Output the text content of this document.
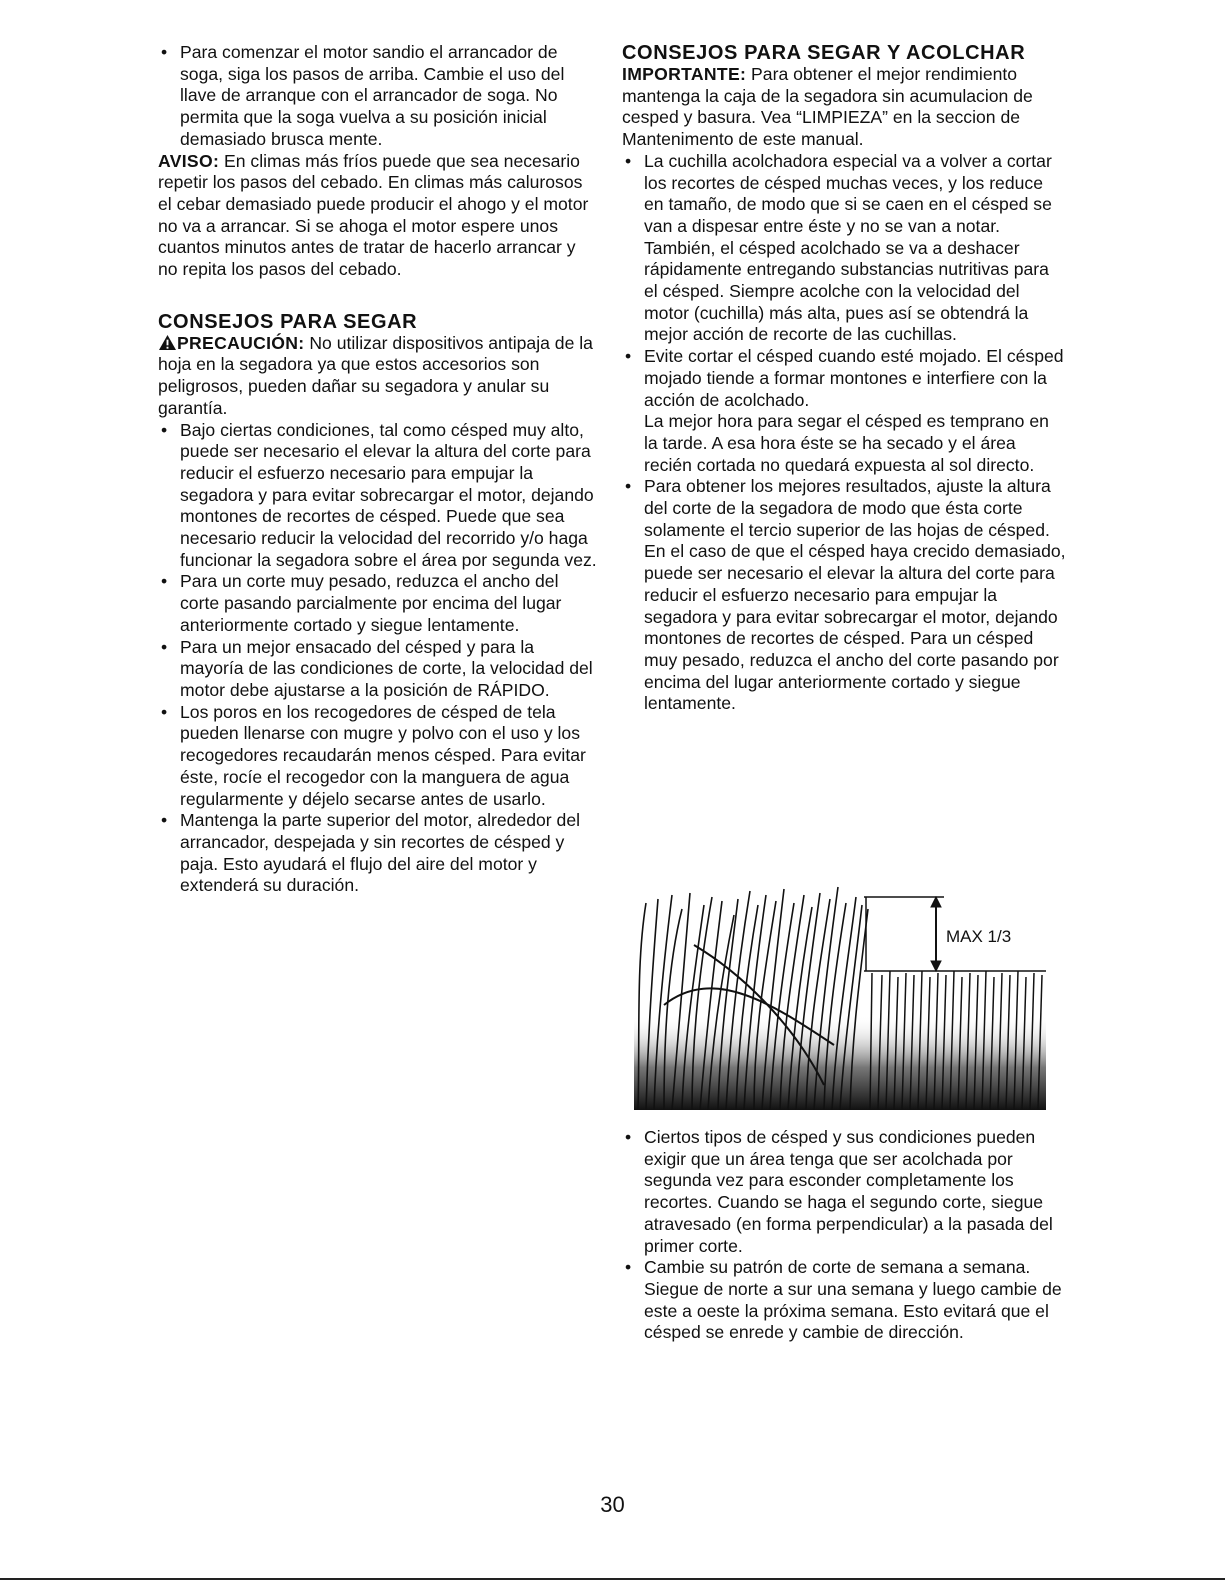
• Para comenzar el motor sandio el arrancador de soga, siga los pasos de arriba. Cambie el uso del llave de arranque con el arrancador de soga. No permita que la soga vuelva a su posición inicial demasiado brusca mente.

AVISO: En climas más fríos puede que sea necesario repetir los pasos del cebado. En climas más calurosos el cebar demasiado puede producir el ahogo y el motor no va a arrancar. Si se ahoga el motor espere unos cuantos minutos antes de tratar de hacerlo arrancar y no repita los pasos del cebado.

CONSEJOS PARA SEGAR

PRECAUCIÓN: No utilizar dispositivos antipaja de la hoja en la segadora ya que estos accesorios son peligrosos, pueden dañar su segadora y anular su garantía.

• Bajo ciertas condiciones, tal como césped muy alto, puede ser necesario el elevar la altura del corte para reducir el esfuerzo necesario para empujar la segadora y para evitar sobrecargar el motor, dejando montones de recortes de césped. Puede que sea necesario reducir la velocidad del recorrido y/o haga funcionar la segadora sobre el área por segunda vez.

• Para un corte muy pesado, reduzca el ancho del corte pasando parcialmente por encima del lugar anteriormente cortado y siegue lentamente.

• Para un mejor ensacado del césped y para la mayoría de las condiciones de corte, la velocidad del motor debe ajustarse a la posición de RÁPIDO.

• Los poros en los recogedores de césped de tela pueden llenarse con mugre y polvo con el uso y los recogedores recaudarán menos césped. Para evitar éste, rocíe el recogedor con la manguera de agua regularmente y déjelo secarse antes de usarlo.

• Mantenga la parte superior del motor, alrededor del arrancador, despejada y sin recortes de césped y paja. Esto ayudará el flujo del aire del motor y extenderá su duración.

CONSEJOS PARA SEGAR Y ACOLCHAR

IMPORTANTE: Para obtener el mejor rendimiento mantenga la caja de la segadora sin acumulacion de cesped y basura. Vea “LIMPIEZA” en la seccion de Mantenimento de este manual.

• La cuchilla acolchadora especial va a volver a cortar los recortes de césped muchas veces, y los reduce en tamaño, de modo que si se caen en el césped se van a dispesar entre éste y no se van a notar. También, el césped acolchado se va a deshacer rápidamente entregando substancias nutritivas para el césped. Siempre acolche con la velocidad del motor (cuchilla) más alta, pues así se obtendrá la mejor acción de recorte de las cuchillas.

• Evite cortar el césped cuando esté mojado. El césped mojado tiende a formar montones e interfiere con la acción de acolchado.
La mejor hora para segar el césped es temprano en la tarde. A esa hora éste se ha secado y el área recién cortada no quedará expuesta al sol directo.

• Para obtener los mejores resultados, ajuste la altura del corte de la segadora de modo que ésta corte solamente el tercio superior de las hojas de césped. En el caso de que el césped haya crecido demasiado, puede ser necesario el elevar la altura del corte para reducir el esfuerzo necesario para empujar la segadora y para evitar sobrecargar el motor, dejando montones de recortes de césped. Para un césped muy pesado, reduzca el ancho del corte pasando por encima del lugar anteriormente cortado y siegue lentamente.

MAX 1/3

• Ciertos tipos de césped y sus condiciones pueden exigir que un área tenga que ser acolchada por segunda vez para esconder completamente los recortes. Cuando se haga el segundo corte, siegue atravesado (en forma perpendicular) a la pasada del primer corte.

• Cambie su patrón de corte de semana a semana. Siegue de norte a sur una semana y luego cambie de este a oeste la próxima semana. Esto evitará que el césped se enrede y cambie de dirección.

30
